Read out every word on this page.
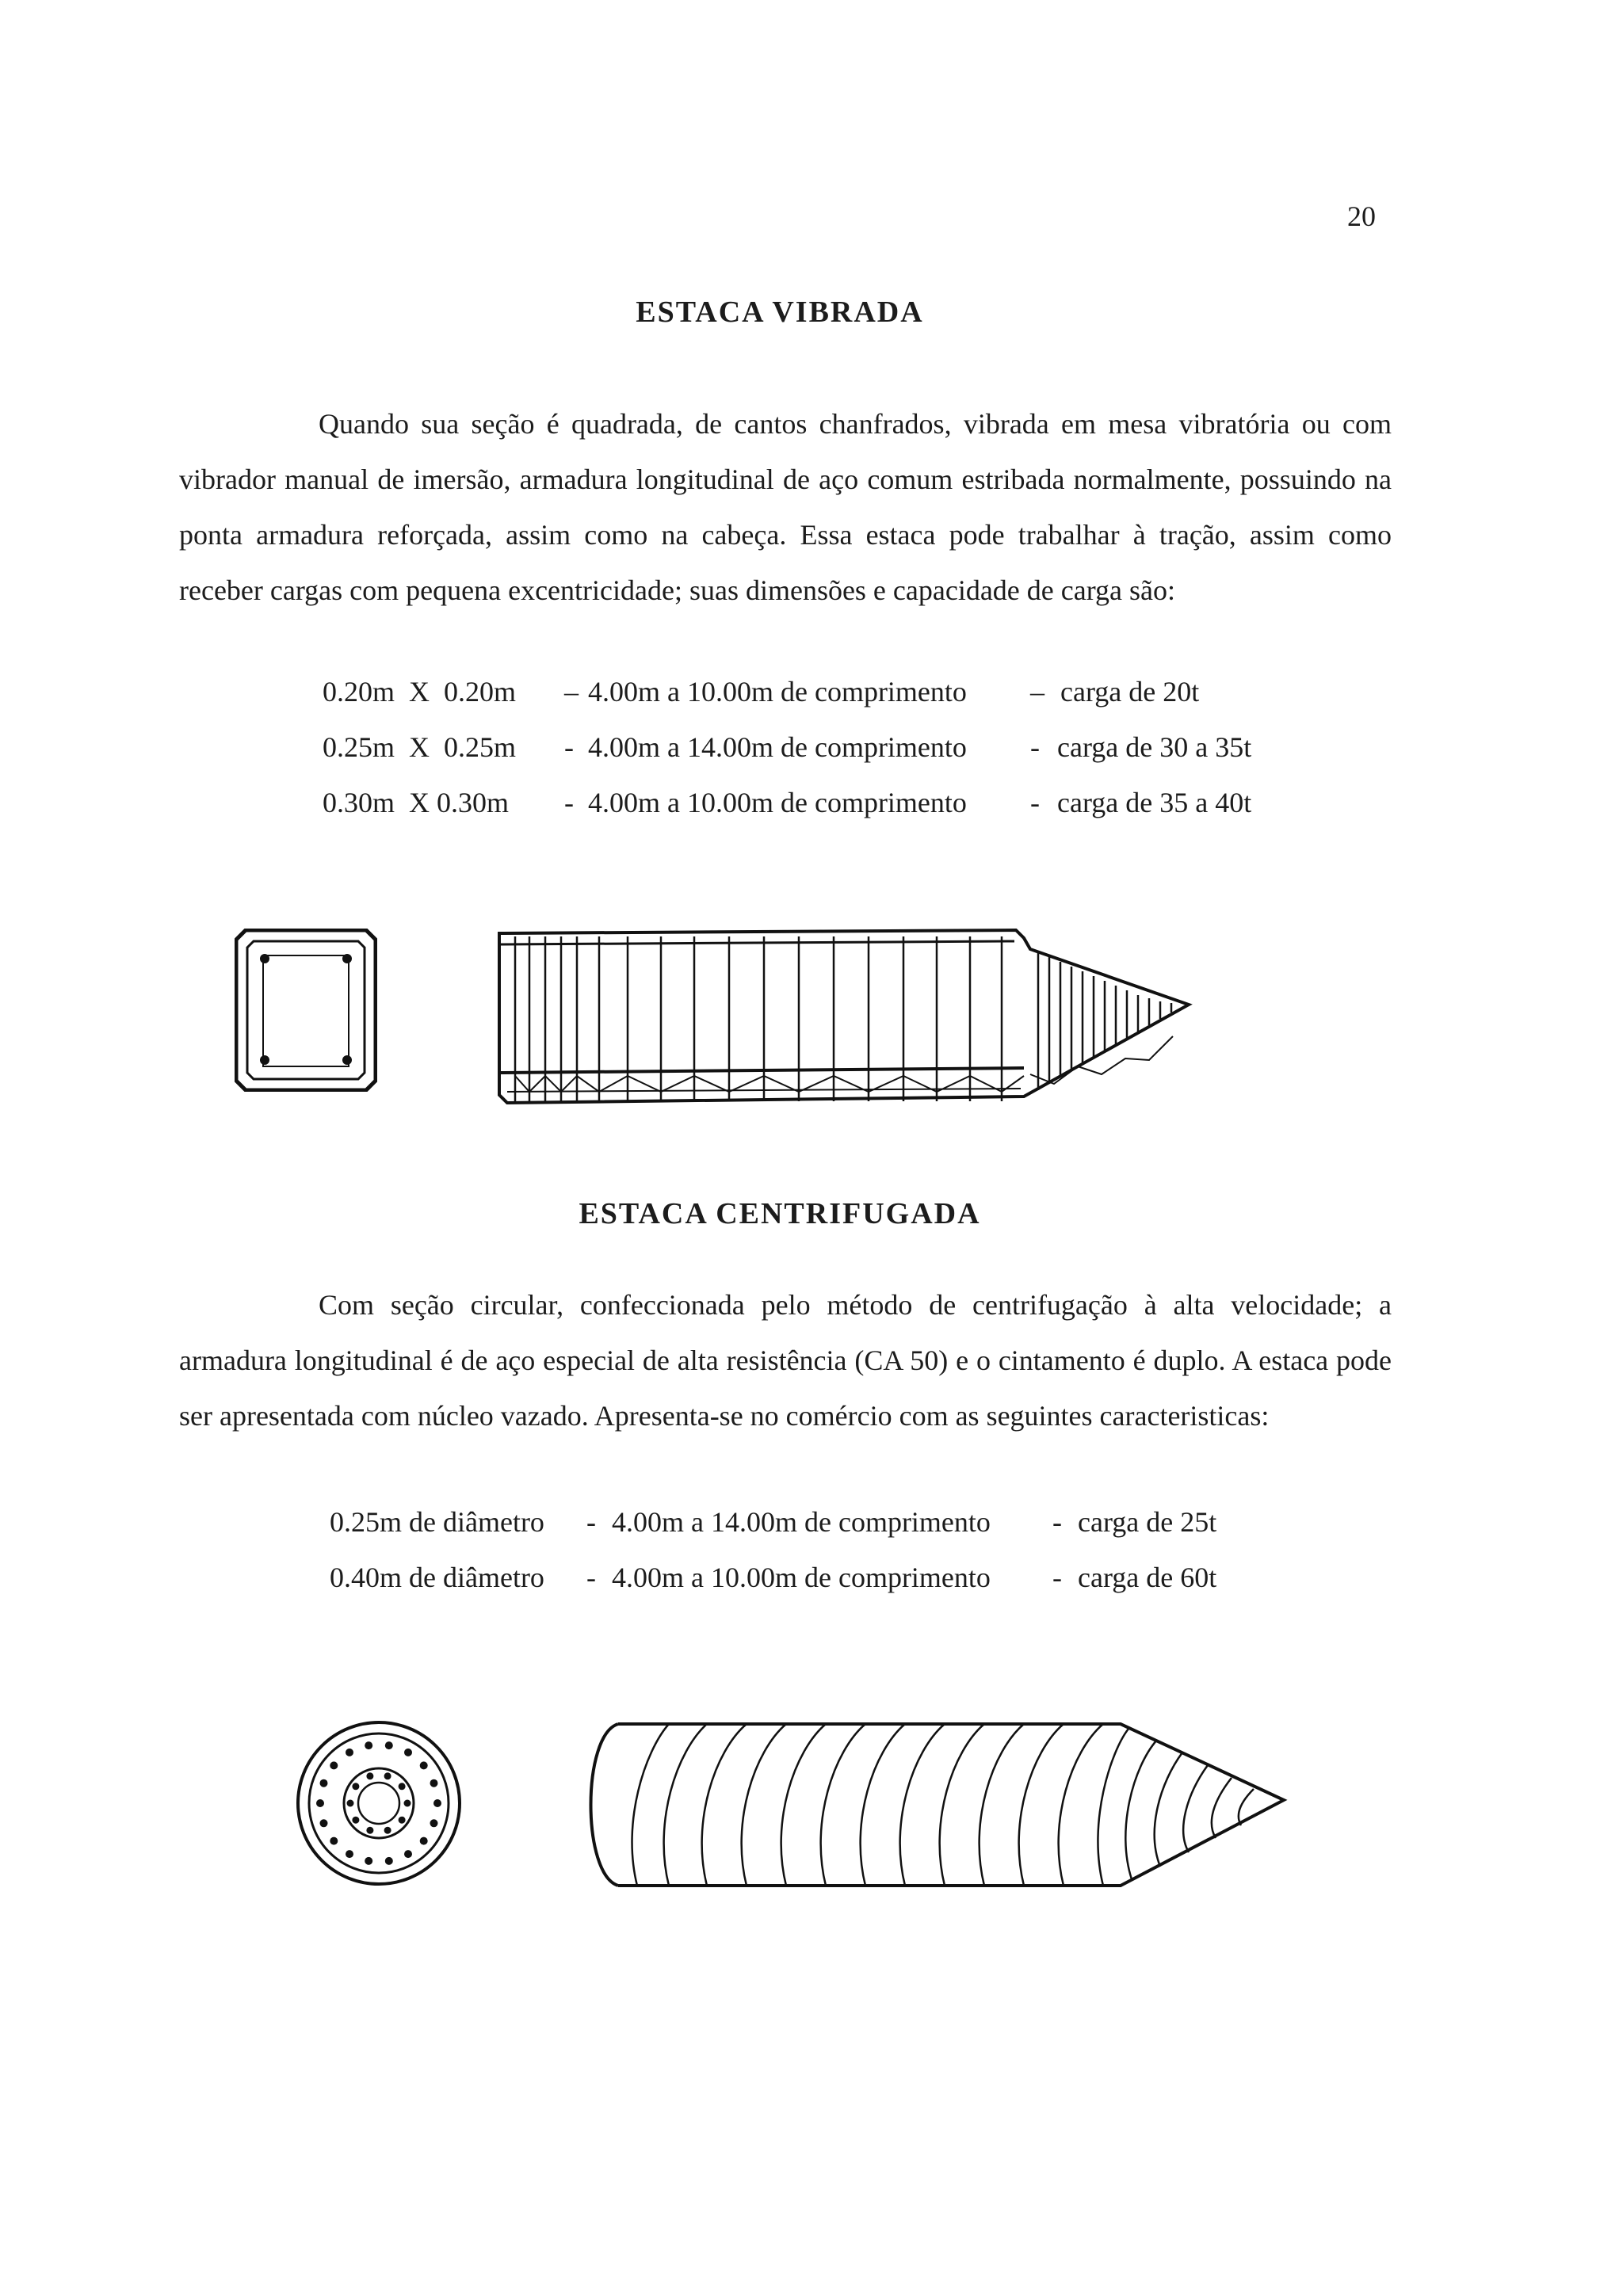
20
ESTACA VIBRADA
Quando sua seção é quadrada, de cantos chanfrados, vibrada em mesa vibratória ou com vibrador manual de imersão, armadura longitudinal de aço comum estribada normalmente, possuindo na ponta armadura reforçada, assim como na cabeça. Essa estaca pode trabalhar à tração, assim como receber cargas com pequena excentricidade; suas dimensões e capacidade de carga são:
0.20m  X  0.20m – 4.00m a 10.00m de comprimento – carga de 20t
0.25m  X  0.25m - 4.00m a 14.00m de comprimento - carga de 30 a 35t
0.30m  X 0.30m - 4.00m a 10.00m de comprimento - carga de 35 a 40t
ESTACA CENTRIFUGADA
Com seção circular, confeccionada pelo método de centrifugação à alta velocidade; a armadura longitudinal é de aço especial de alta resistência (CA 50) e o cintamento é duplo. A estaca pode ser apresentada com núcleo vazado. Apresenta-se no comércio com as seguintes caracteristicas:
0.25m de diâmetro - 4.00m a 14.00m de comprimento - carga de 25t
0.40m de diâmetro - 4.00m a 10.00m de comprimento - carga de 60t
